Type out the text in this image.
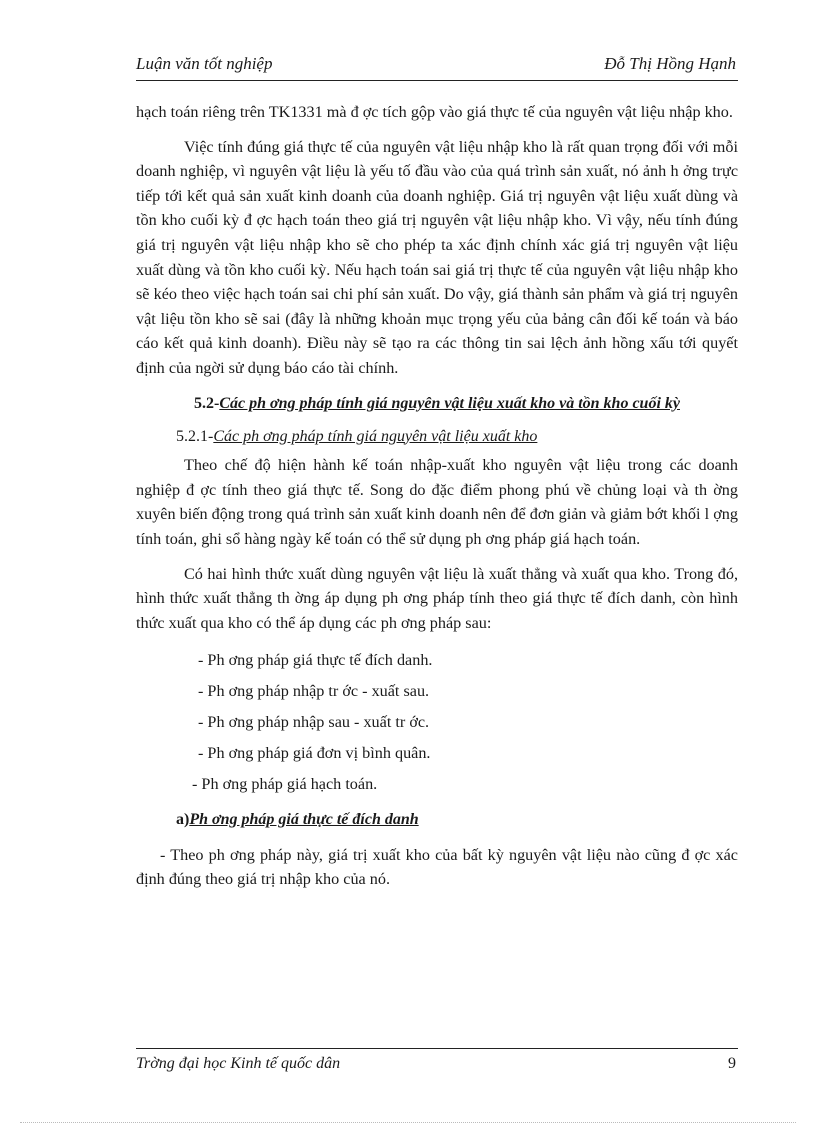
Luận văn tốt nghiệp	Đỗ Thị Hồng Hạnh

hạch toán riêng trên TK1331 mà đ ợc tích gộp vào giá thực tế của nguyên vật liệu nhập kho.

Việc tính đúng giá thực tế của nguyên vật liệu nhập kho là rất quan trọng đối với mỗi doanh nghiệp, vì nguyên vật liệu là yếu tố đầu vào của quá trình sản xuất, nó ảnh h ởng trực tiếp tới kết quả sản xuất kinh doanh của doanh nghiệp. Giá trị nguyên vật liệu xuất dùng và tồn kho cuối kỳ đ ợc hạch toán theo giá trị nguyên vật liệu nhập kho. Vì vậy, nếu tính đúng giá trị nguyên vật liệu nhập kho sẽ cho phép ta xác định chính xác giá trị nguyên vật liệu xuất dùng và tồn kho cuối kỳ. Nếu hạch toán sai giá trị thực tế của nguyên vật liệu nhập kho sẽ kéo theo việc hạch toán sai chi phí sản xuất. Do vậy, giá thành sản phẩm và giá trị nguyên vật liệu tồn kho sẽ sai (đây là những khoản mục trọng yếu của bảng cân đối kế toán và báo cáo kết quả kinh doanh). Điều này sẽ tạo ra các thông tin sai lệch ảnh hồng xấu tới quyết định của ngời sử dụng báo cáo tài chính.

5.2-Các ph ơng pháp tính giá nguyên vật liệu xuất kho và tồn kho cuối kỳ
5.2.1-Các ph ơng pháp tính giá nguyên vật liệu xuất kho

Theo chế độ hiện hành kế toán nhập-xuất kho nguyên vật liệu trong các doanh nghiệp đ ợc tính theo giá thực tế. Song do đặc điểm phong phú về chủng loại và th ờng xuyên biến động trong quá trình sản xuất kinh doanh nên để đơn giản và giảm bớt khối l ợng tính toán, ghi sổ hàng ngày kế toán có thể sử dụng ph ơng pháp giá hạch toán.

Có hai hình thức xuất dùng nguyên vật liệu là xuất thẳng và xuất qua kho. Trong đó, hình thức xuất thẳng th ờng áp dụng ph ơng pháp tính theo giá thực tế đích danh, còn hình thức xuất qua kho có thể áp dụng các ph ơng pháp sau:

- Ph ơng pháp giá thực tế đích danh.

- Ph ơng pháp nhập tr ớc - xuất sau.

- Ph ơng pháp nhập sau - xuất tr ớc.

- Ph ơng pháp giá đơn vị bình quân.

- Ph ơng pháp giá hạch toán.

a)Ph ơng pháp giá thực tế đích danh

- Theo ph ơng pháp này, giá trị xuất kho của bất kỳ nguyên vật liệu nào cũng đ ợc xác định đúng theo giá trị nhập kho của nó.

Trờng đại học Kinh tế quốc dân	9
